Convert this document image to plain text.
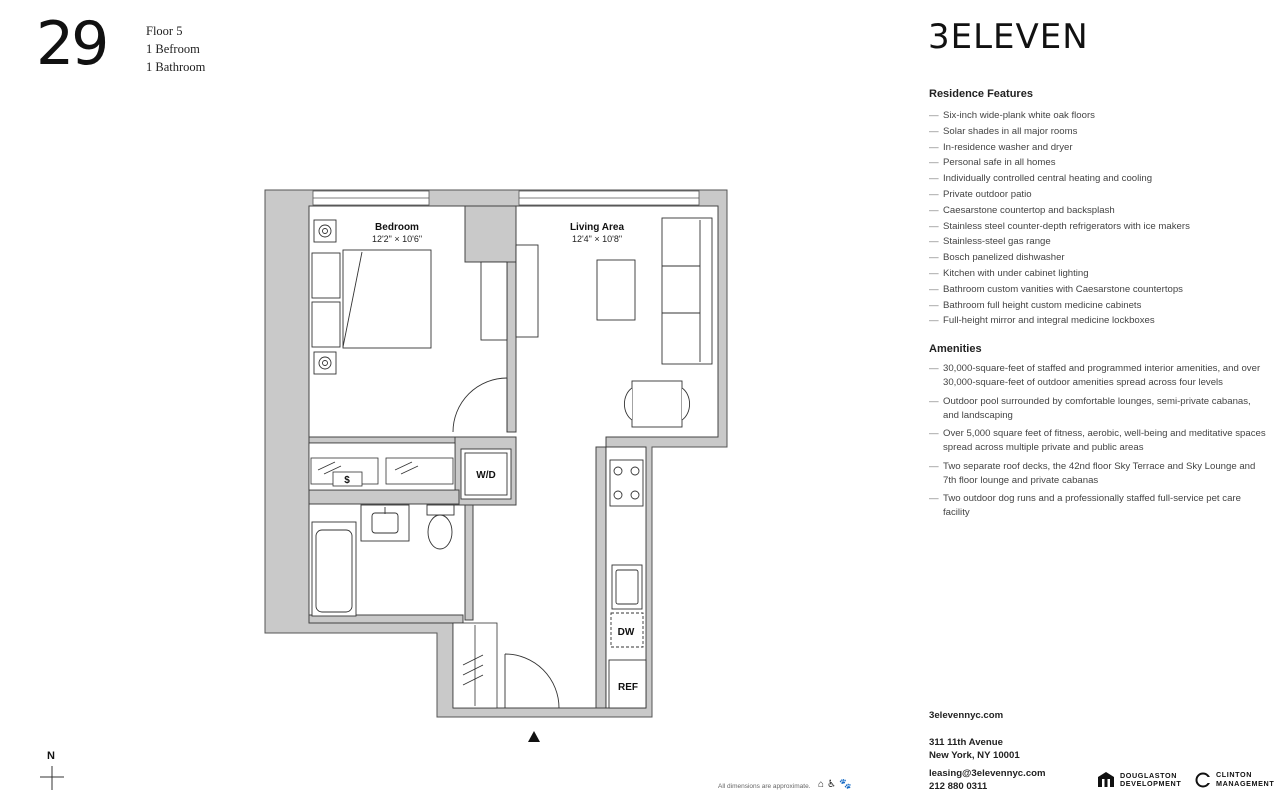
29	Floor 5
1 Befroom
1 Bathroom
3ELEVEN
Residence Features
— Six-inch wide-plank white oak floors
— Solar shades in all major rooms
— In-residence washer and dryer
— Personal safe in all homes
— Individually controlled central heating and cooling
— Private outdoor patio
— Caesarstone countertop and backsplash
— Stainless steel counter-depth refrigerators with ice makers
— Stainless-steel gas range
— Bosch panelized dishwasher
— Kitchen with under cabinet lighting
— Bathroom custom vanities with Caesarstone countertops
— Bathroom full height custom medicine cabinets
— Full-height mirror and integral medicine lockboxes
Amenities
— 30,000-square-feet of staffed and programmed interior amenities, and over 30,000-square-feet of outdoor amenities spread across four levels
— Outdoor pool surrounded by comfortable lounges, semi-private cabanas, and landscaping
— Over 5,000 square feet of fitness, aerobic, well-being and meditative spaces spread across multiple private and public areas
— Two separate roof decks, the 42nd floor Sky Terrace and Sky Lounge and 7th floor lounge and private cabanas
— Two outdoor dog runs and a professionally staffed full-service pet care facility
3elevennyc.com
311 11th Avenue
New York, NY 10001
leasing@3elevennyc.com
212 880 0311
DOUGLASTON
DEVELOPMENT
CLINTON
MANAGEMENT
All dimensions are approximate. ⌂ ♿ 🐾
$	W/D
DW
REF
Bedroom
12'2" × 10'6"
Living Area
12'4" × 10'8"
N
